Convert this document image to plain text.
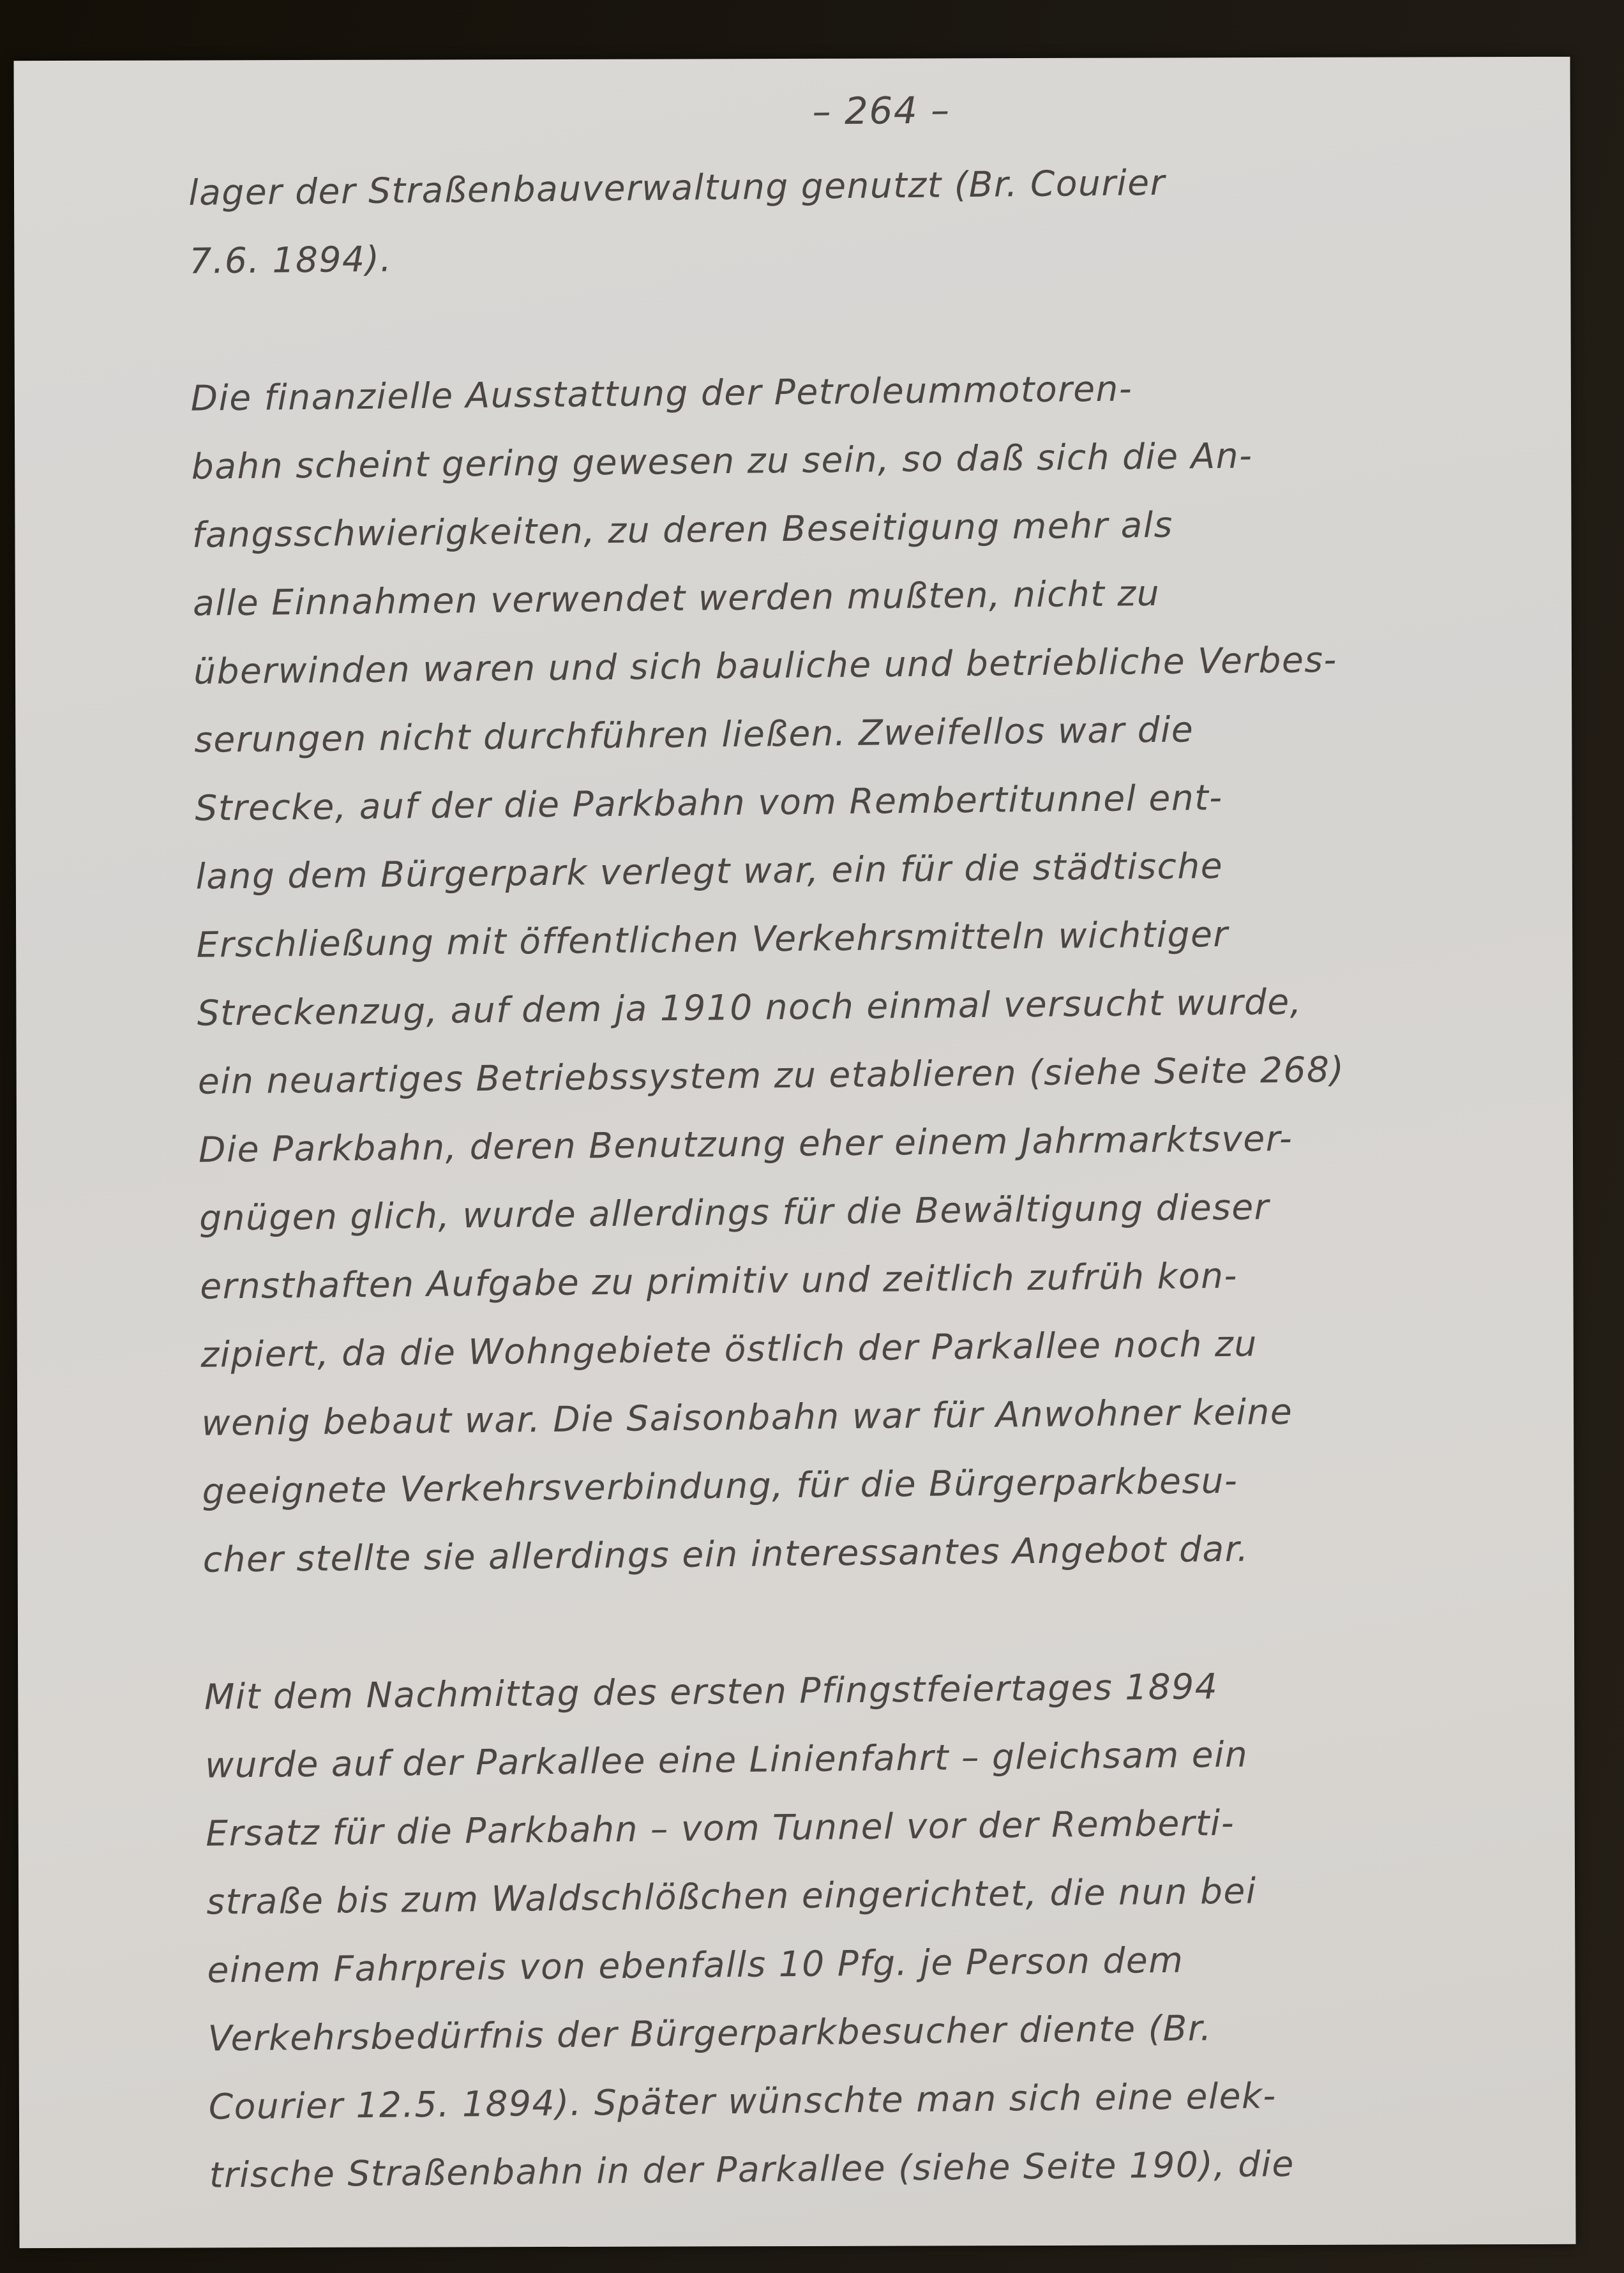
– 264 –
lager der Straßenbauverwaltung genutzt (Br. Courier
7.6. 1894).
Die finanzielle Ausstattung der Petroleummotoren-
bahn scheint gering gewesen zu sein, so daß sich die An-
fangsschwierigkeiten, zu deren Beseitigung mehr als
alle Einnahmen verwendet werden mußten, nicht zu
überwinden waren und sich bauliche und betriebliche Verbes-
serungen nicht durchführen ließen. Zweifellos war die
Strecke, auf der die Parkbahn vom Rembertitunnel ent-
lang dem Bürgerpark verlegt war, ein für die städtische
Erschließung mit öffentlichen Verkehrsmitteln wichtiger
Streckenzug, auf dem ja 1910 noch einmal versucht wurde,
ein neuartiges Betriebssystem zu etablieren (siehe Seite 268)
Die Parkbahn, deren Benutzung eher einem Jahrmarktsver-
gnügen glich, wurde allerdings für die Bewältigung dieser
ernsthaften Aufgabe zu primitiv und zeitlich zufrüh kon-
zipiert, da die Wohngebiete östlich der Parkallee noch zu
wenig bebaut war. Die Saisonbahn war für Anwohner keine
geeignete Verkehrsverbindung, für die Bürgerparkbesu-
cher stellte sie allerdings ein interessantes Angebot dar.
Mit dem Nachmittag des ersten Pfingstfeiertages 1894
wurde auf der Parkallee eine Linienfahrt – gleichsam ein
Ersatz für die Parkbahn – vom Tunnel vor der Remberti-
straße bis zum Waldschlößchen eingerichtet, die nun bei
einem Fahrpreis von ebenfalls 10 Pfg. je Person dem
Verkehrsbedürfnis der Bürgerparkbesucher diente (Br.
Courier 12.5. 1894). Später wünschte man sich eine elek-
trische Straßenbahn in der Parkallee (siehe Seite 190), die
